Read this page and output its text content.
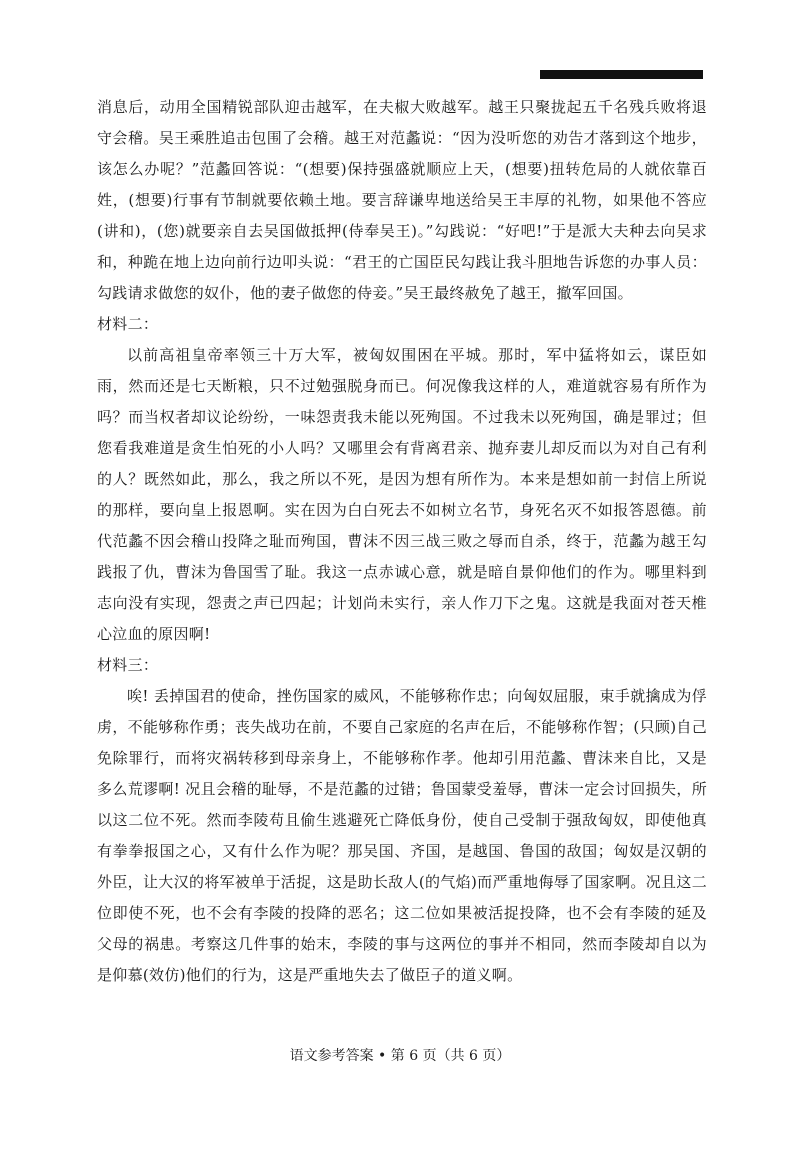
消息后，动用全国精锐部队迎击越军，在夫椒大败越军。越王只聚拢起五千名残兵败将退守会稽。吴王乘胜追击包围了会稽。越王对范蠡说：“因为没听您的劝告才落到这个地步，该怎么办呢？”范蠡回答说：“(想要)保持强盛就顺应上天，(想要)扭转危局的人就依靠百姓，(想要)行事有节制就要依赖土地。要言辞谦卑地送给吴王丰厚的礼物，如果他不答应(讲和)，(您)就要亲自去吴国做抵押(侍奉吴王)。”勾践说：“好吧!”于是派大夫种去向吴求和，种跪在地上边向前行边叩头说：“君王的亡国臣民勾践让我斗胆地告诉您的办事人员：勾践请求做您的奴仆，他的妻子做您的侍妾。”吴王最终赦免了越王，撤军回国。

材料二：

以前高祖皇帝率领三十万大军，被匈奴围困在平城。那时，军中猛将如云，谋臣如雨，然而还是七天断粮，只不过勉强脱身而已。何况像我这样的人，难道就容易有所作为吗？而当权者却议论纷纷，一味怨责我未能以死殉国。不过我未以死殉国，确是罪过；但您看我难道是贪生怕死的小人吗？又哪里会有背离君亲、抛弃妻儿却反而以为对自己有利的人？既然如此，那么，我之所以不死，是因为想有所作为。本来是想如前一封信上所说的那样，要向皇上报恩啊。实在因为白白死去不如树立名节，身死名灭不如报答恩德。前代范蠡不因会稽山投降之耻而殉国，曹沫不因三战三败之辱而自杀，终于，范蠡为越王勾践报了仇，曹沫为鲁国雪了耻。我这一点赤诚心意，就是暗自景仰他们的作为。哪里料到志向没有实现，怨责之声已四起；计划尚未实行，亲人作刀下之鬼。这就是我面对苍天椎心泣血的原因啊!

材料三：

唉! 丢掉国君的使命，挫伤国家的威风，不能够称作忠；向匈奴屈服，束手就擒成为俘虏，不能够称作勇；丧失战功在前，不要自己家庭的名声在后，不能够称作智；(只顾)自己免除罪行，而将灾祸转移到母亲身上，不能够称作孝。他却引用范蠡、曹沫来自比，又是多么荒谬啊! 况且会稽的耻辱，不是范蠡的过错；鲁国蒙受羞辱，曹沫一定会讨回损失，所以这二位不死。然而李陵苟且偷生逃避死亡降低身份，使自己受制于强敌匈奴，即使他真有拳拳报国之心，又有什么作为呢？那吴国、齐国，是越国、鲁国的敌国；匈奴是汉朝的外臣，让大汉的将军被单于活捉，这是助长敌人(的气焰)而严重地侮辱了国家啊。况且这二位即使不死，也不会有李陵的投降的恶名；这二位如果被活捉投降，也不会有李陵的延及父母的祸患。考察这几件事的始末，李陵的事与这两位的事并不相同，然而李陵却自以为是仰慕(效仿)他们的行为，这是严重地失去了做臣子的道义啊。

语文参考答案 • 第 6 页（共 6 页）
